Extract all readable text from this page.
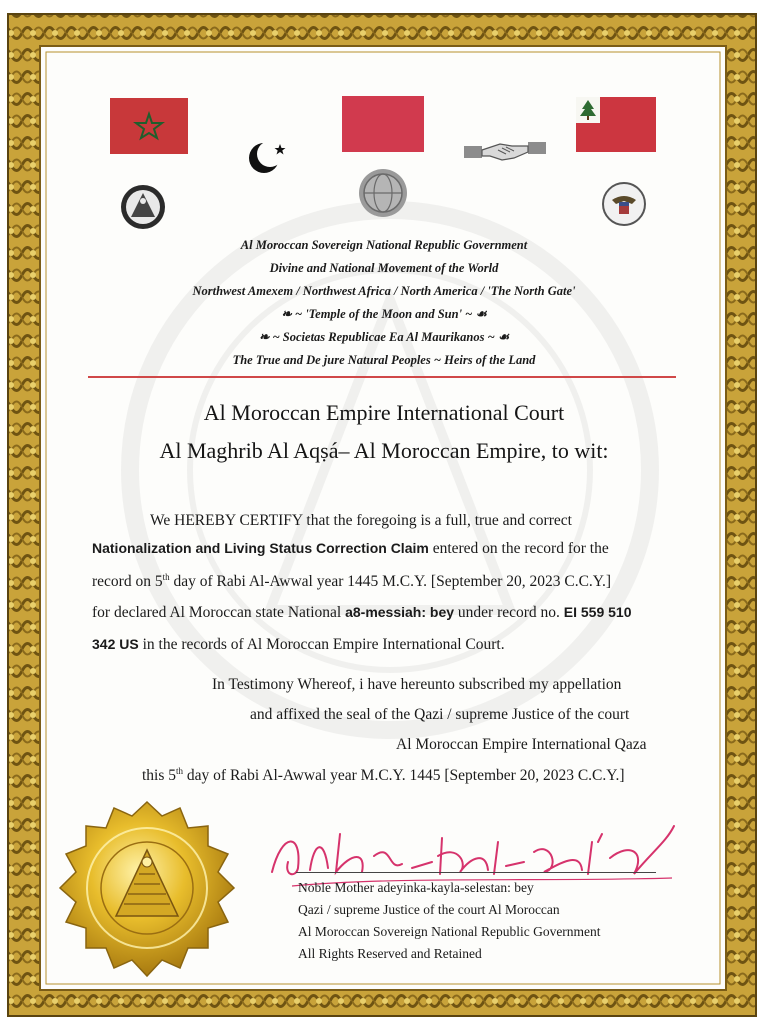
Al Moroccan Sovereign National Republic Government
Divine and National Movement of the World
Northwest Amexem / Northwest Africa / North America / 'The North Gate'
❧ ~ 'Temple of the Moon and Sun' ~ ☙
❧ ~ Societas Republicae Ea Al Maurikanos ~ ☙
The True and De jure Natural Peoples ~ Heirs of the Land
Al Moroccan Empire International Court
Al Maghrib Al Aqṣá– Al Moroccan Empire, to wit:
We HEREBY CERTIFY that the foregoing is a full, true and correct
Nationalization and Living Status Correction Claim entered on the record for the
record on 5th day of Rabi Al-Awwal year 1445 M.C.Y. [September 20, 2023 C.C.Y.]
for declared Al Moroccan state National a8-messiah: bey under record no. EI 559 510
342 US in the records of Al Moroccan Empire International Court.
In Testimony Whereof, i have hereunto subscribed my appellation
and affixed the seal of the Qazi / supreme Justice of the court
Al Moroccan Empire International Qaza
this 5th day of Rabi Al-Awwal year M.C.Y. 1445 [September 20, 2023 C.C.Y.]
Noble Mother adeyinka-kayla-selestan: bey
Qazi / supreme Justice of the court Al Moroccan
Al Moroccan Sovereign National Republic Government
All Rights Reserved and Retained
